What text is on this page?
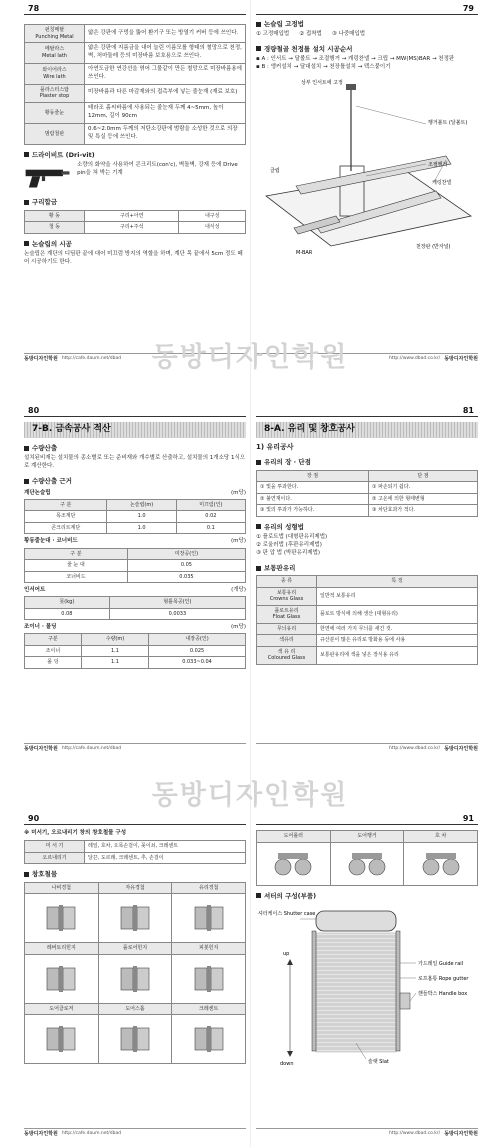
78
펀칭메탈
Punching Metal	얇은 강판에 구멍을 뚫어 환기구 또는 방열기 커버 등에 쓰인다.
메탈라스
Metal lath	얇은 강판에 지름금을 내어 늘린 이름모를 형태의 철망으로 천정, 벽, 처마둘레 등의 미장바름 보호용으로 쓰인다.
와이어라스
Wire lath	아연도금한 연강선을 엮어 그물같이 만든 철망으로 미장바름용에 쓰인다.
플라스터스탑
Plaster stop	미장바름과 다른 마감재와의 접촉부에 넣는 줄눈재 (재료 보호)
황동줄눈	테라조 흙씨바름에 사용되는 줄눈재 두께 4~5mm, 높이 12mm, 길이 90cm
범람철판	0.6~2.0mm 두께의 저탄소강판에 범람을 소성한 것으로 의장 및 특실 등에 쓰인다.
드라이비트 (Dri-vit)
소량의 화약을 사용하여 콘크리트(con'c), 벽돌벽, 강재 등에 Drive pin을 쳐 박는 기계
구리합금
황 동	구리+아연	내구성
청 동	구리+주석	내식성
논슬립의 시공
논슬립은 계단의 디딤판 끝에 대어 미끄럼 방지의 역할을 하며, 계단 목 끝에서 5cm 정도 떼어 시공하기도 한다.
동방디자인학원 http://cafe.daum.net/dbad
79
논슬립 고정법
① 고정매입법 ② 접착법 ③ 나중매입법
경량철골 천정틀 설치 시공순서
▪ A : 인서트 → 달볼트 → 조절행거 → 캐링찬넬 → 크립 → MW(MS)BAR → 천정판
▪ B : 앵커설치 → 달대설치 → 천장틀설치 → 텍스붙이기
상부 인서트에 고정
행거볼트 (달볼트)
조절행거
캐링찬넬
클립
M-BAR
천장판 (반자널)
http://www.dbad.co.kr/ 동방디자인학원
동방디자인학원
80
7-B. 금속공사 적산
수량산출
설치된비재는 설치물의 종소별로 또는 준비재와 개수별로 산출하고, 설치물의 1개소당 1식으로 계산한다.
수량산출 근거
계단논슬립	(m당)
구 분	논슬립(m)	미끄럼(인)
목조계단	1.0	0.02
콘크리트계단	1.0	0.1
황동줄눈대 · 코너비드	(m당)
구 분	미장공(인)
줄 눈 대	0.05
코너비드	0.035
인서어트	(개당)
못(kg)	형틀목공(인)
0.08	0.0033
조이너 · 몰딩	(m당)
구분	수량(m)	내장공(인)
조이너	1.1	0.025
몰 딩	1.1	0.033~0.04
동방디자인학원 http://cafe.daum.net/dbad
81
8-A. 유리 및 창호공사
1) 유리공사
유리의 장 · 단점
장 점	단 점
① 빛을 투과한다.	① 파손되기 쉽다.
② 불연재이다.	② 고온에 의한 형태변형
③ 빛의 투과가 가능하다.	③ 차단효과가 적다.
유리의 성형법
① 플로트법 (대형판유리제법)
② 로울러법 (후판유리제법)
③ 판 압 법 (박판유리제법)
보통판유리
종 류	특 징
보통유리
Crowns Glass	일반적 보통유리
플로트유리
Float Glass	플로트 방식에 의해 생산 (대형유리)
무늬유리	한면에 여러 가지 무늬를 새긴 것.
색유리	규산분이 많은 유리로 방화용 등에 사용
색 유 리
Coloured Glass	보통판유리에 색을 넣은 장식용 유리
http://www.dbad.co.kr/ 동방디자인학원
동방디자인학원
90
※ 미서기, 오르내리기 창의 창호철물 구성
미 서 기	레일, 호차, 오목손걸이, 꽂이쇠, 크레센트
오르내리기	달끈, 도르래, 크레센트, 추, 손걸이
창호철물
나비경첩	자유경첩	유리경첩

레버토리힌지	플로어힌지	피봇힌지

도어클로저	도어스톱	크레센트

동방디자인학원 http://cafe.daum.net/dbad
91
도어롤러	도어행거	호 차

셔터의 구성(부품)
up
down
셔터케이스 Shutter case
가드레일 Guide rail
로프홈통 Rope gutter
핸들박스 Handle box
슬랫 Slat
http://www.dbad.co.kr/ 동방디자인학원
